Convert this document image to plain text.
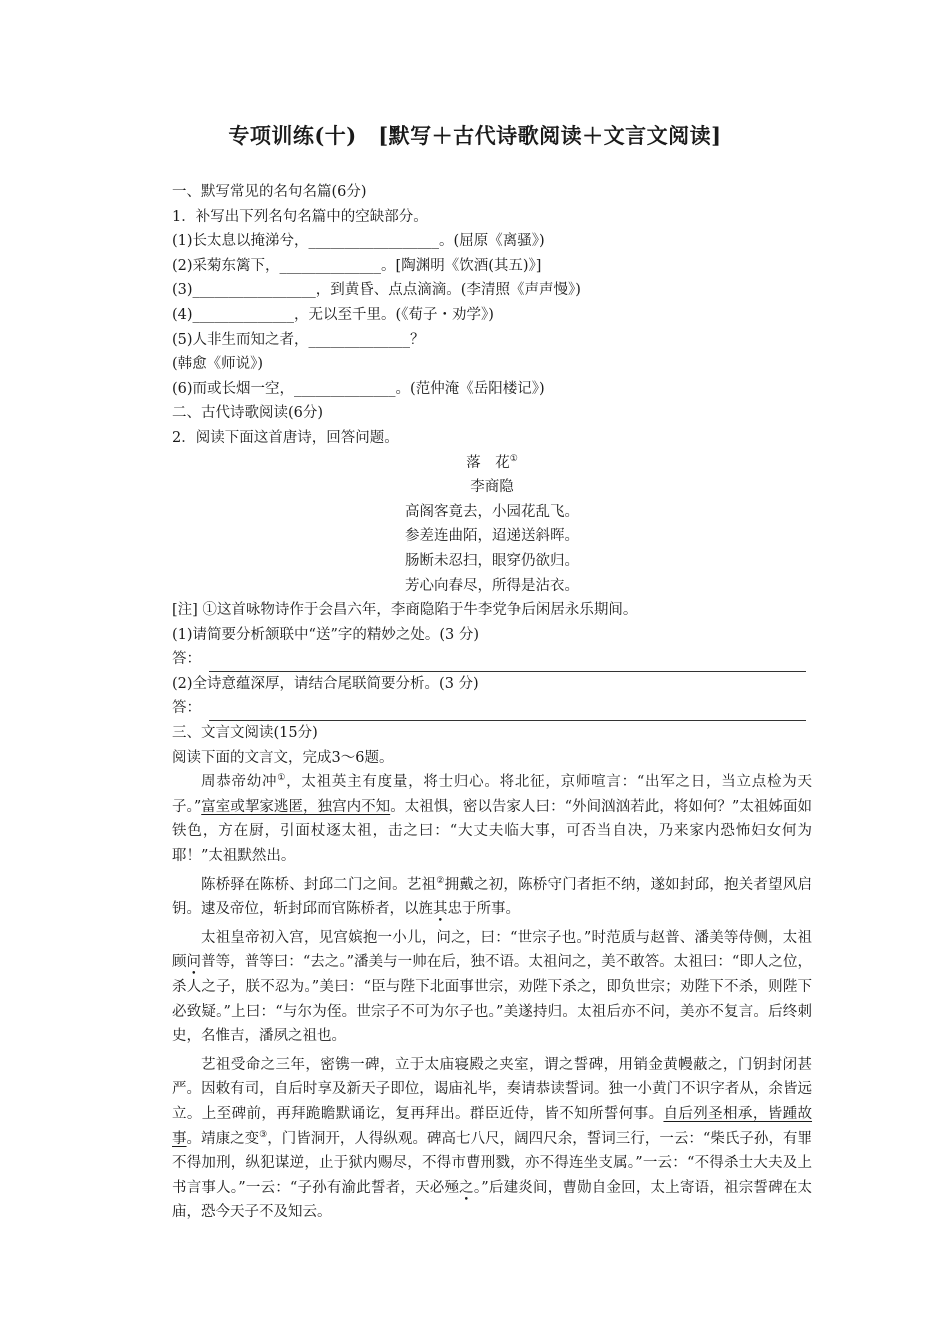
专项训练(十)　[默写＋古代诗歌阅读＋文言文阅读]
一、默写常见的名句名篇(6分)
1．补写出下列名句名篇中的空缺部分。
(1)长太息以掩涕兮，__________________。(屈原《离骚》)
(2)采菊东篱下，______________。[陶渊明《饮酒(其五)》]
(3)_________________，到黄昏、点点滴滴。(李清照《声声慢》)
(4)______________，无以至千里。(《荀子・劝学》)
(5)人非生而知之者，______________？
(韩愈《师说》)
(6)而或长烟一空，______________。(范仲淹《岳阳楼记》)
二、古代诗歌阅读(6分)
2．阅读下面这首唐诗，回答问题。
落　花①
李商隐
高阁客竟去，小园花乱飞。
参差连曲陌，迢递送斜晖。
肠断未忍扫，眼穿仍欲归。
芳心向春尽，所得是沾衣。
[注] ①这首咏物诗作于会昌六年，李商隐陷于牛李党争后闲居永乐期间。
(1)请简要分析颔联中“送”字的精妙之处。(3 分)
答：
(2)全诗意蕴深厚，请结合尾联简要分析。(3 分)
答：
三、文言文阅读(15分)
阅读下面的文言文，完成3～6题。
周恭帝幼冲①，太祖英主有度量，将士归心。将北征，京师喧言：“出军之日，当立点检为天子。”富室或挈家逃匿，独宫内不知。太祖惧，密以告家人曰：“外间汹汹若此，将如何？”太祖姊面如铁色，方在厨，引面杖逐太祖，击之曰：“大丈夫临大事，可否当自决，乃来家内恐怖妇女何为耶！”太祖默然出。
陈桥驿在陈桥、封邱二门之间。艺祖②拥戴之初，陈桥守门者拒不纳，遂如封邱，抱关者望风启钥。逮及帝位，斩封邱而官陈桥者，以旌其忠于所事。
太祖皇帝初入宫，见宫嫔抱一小儿，问之，曰：“世宗子也。”时范质与赵普、潘美等侍侧，太祖顾问普等，普等曰：“去之。”潘美与一帅在后，独不语。太祖问之，美不敢答。太祖曰：“即人之位，杀人之子，朕不忍为。”美曰：“臣与陛下北面事世宗，劝陛下杀之，即负世宗；劝陛下不杀，则陛下必致疑。”上曰：“与尔为侄。世宗子不可为尔子也。”美遂持归。太祖后亦不问，美亦不复言。后终刺史，名惟吉，潘夙之祖也。
艺祖受命之三年，密镌一碑，立于太庙寝殿之夹室，谓之誓碑，用销金黄幔蔽之，门钥封闭甚严。因敕有司，自后时享及新天子即位，谒庙礼毕，奏请恭读誓词。独一小黄门不识字者从，余皆远立。上至碑前，再拜跪瞻默诵讫，复再拜出。群臣近侍，皆不知所誓何事。自后列圣相承，皆踵故事。靖康之变③，门皆洞开，人得纵观。碑高七八尺，阔四尺余，誓词三行，一云：“柴氏子孙，有罪不得加刑，纵犯谋逆，止于狱内赐尽，不得市曹刑戮，亦不得连坐支属。”一云：“不得杀士大夫及上书言事人。”一云：“子孙有渝此誓者，天必殛之。”后建炎间，曹勋自金回，太上寄语，祖宗誓碑在太庙，恐今天子不及知云。
